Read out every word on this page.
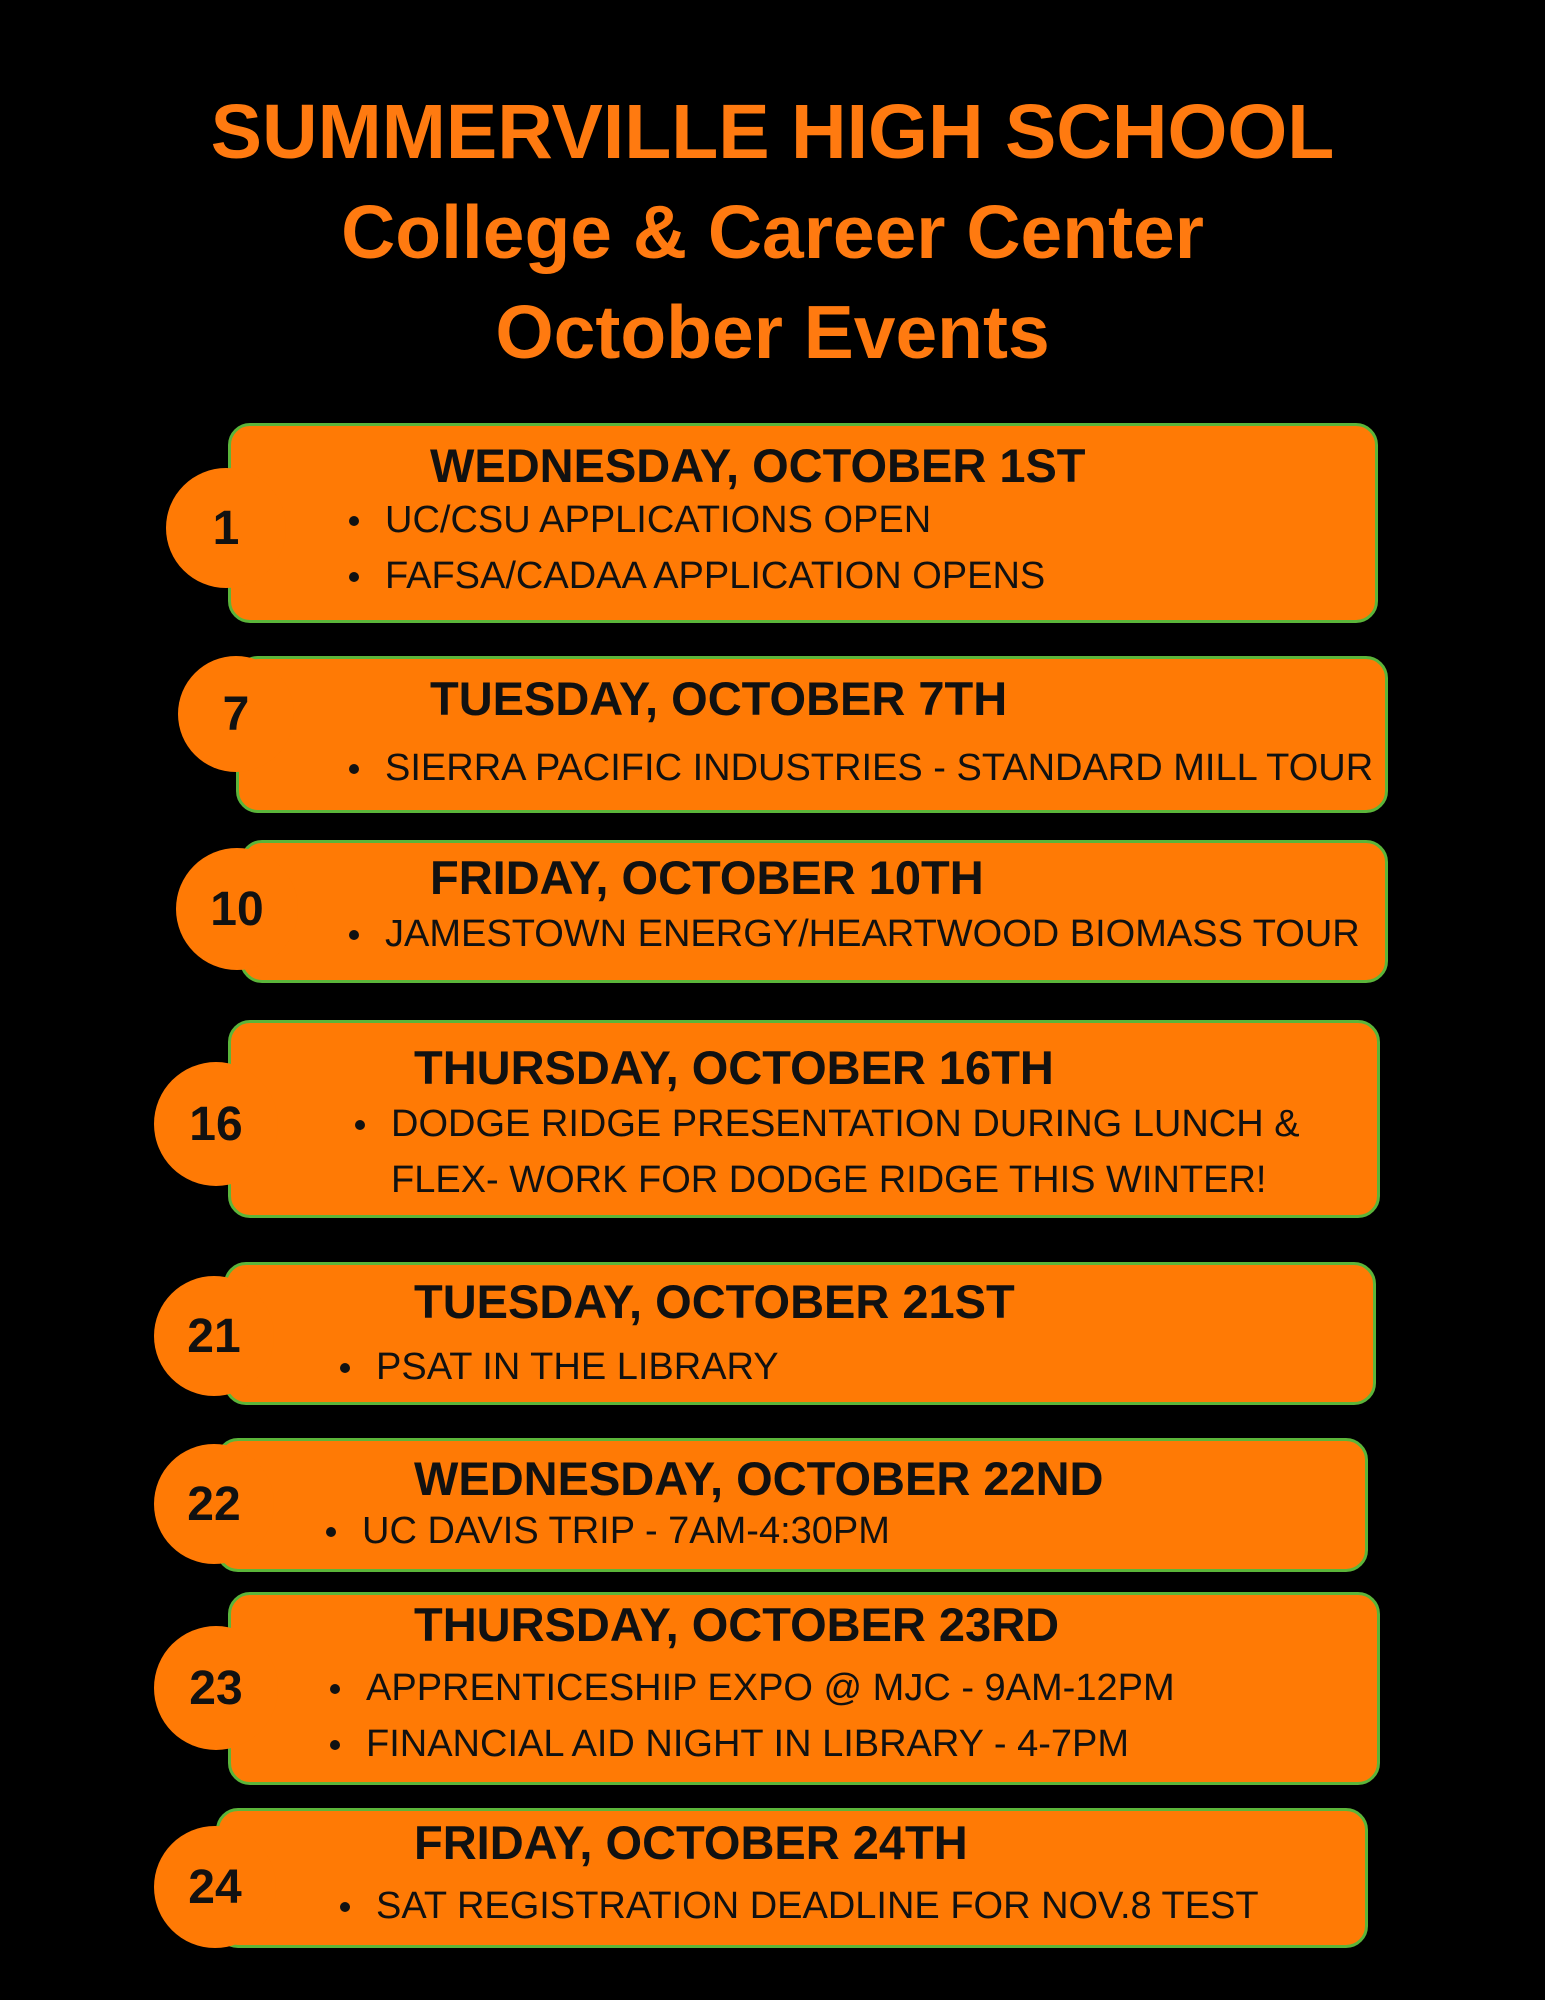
SUMMERVILLE HIGH SCHOOL
College & Career Center
October Events
1
WEDNESDAY, OCTOBER 1ST
UC/CSU APPLICATIONS OPEN
FAFSA/CADAA APPLICATION OPENS
7	TUESDAY, OCTOBER 7TH
SIERRA PACIFIC INDUSTRIES - STANDARD MILL TOUR
10
FRIDAY, OCTOBER 10TH
JAMESTOWN ENERGY/HEARTWOOD BIOMASS TOUR
16
THURSDAY, OCTOBER 16TH
DODGE RIDGE PRESENTATION DURING LUNCH &
FLEX- WORK FOR DODGE RIDGE THIS WINTER!
21
TUESDAY, OCTOBER 21ST
PSAT IN THE LIBRARY
22	WEDNESDAY, OCTOBER 22ND
UC DAVIS TRIP - 7AM-4:30PM
23
THURSDAY, OCTOBER 23RD
APPRENTICESHIP EXPO @ MJC - 9AM-12PM
FINANCIAL AID NIGHT IN LIBRARY - 4-7PM
24
FRIDAY, OCTOBER 24TH
SAT REGISTRATION DEADLINE FOR NOV.8 TEST
